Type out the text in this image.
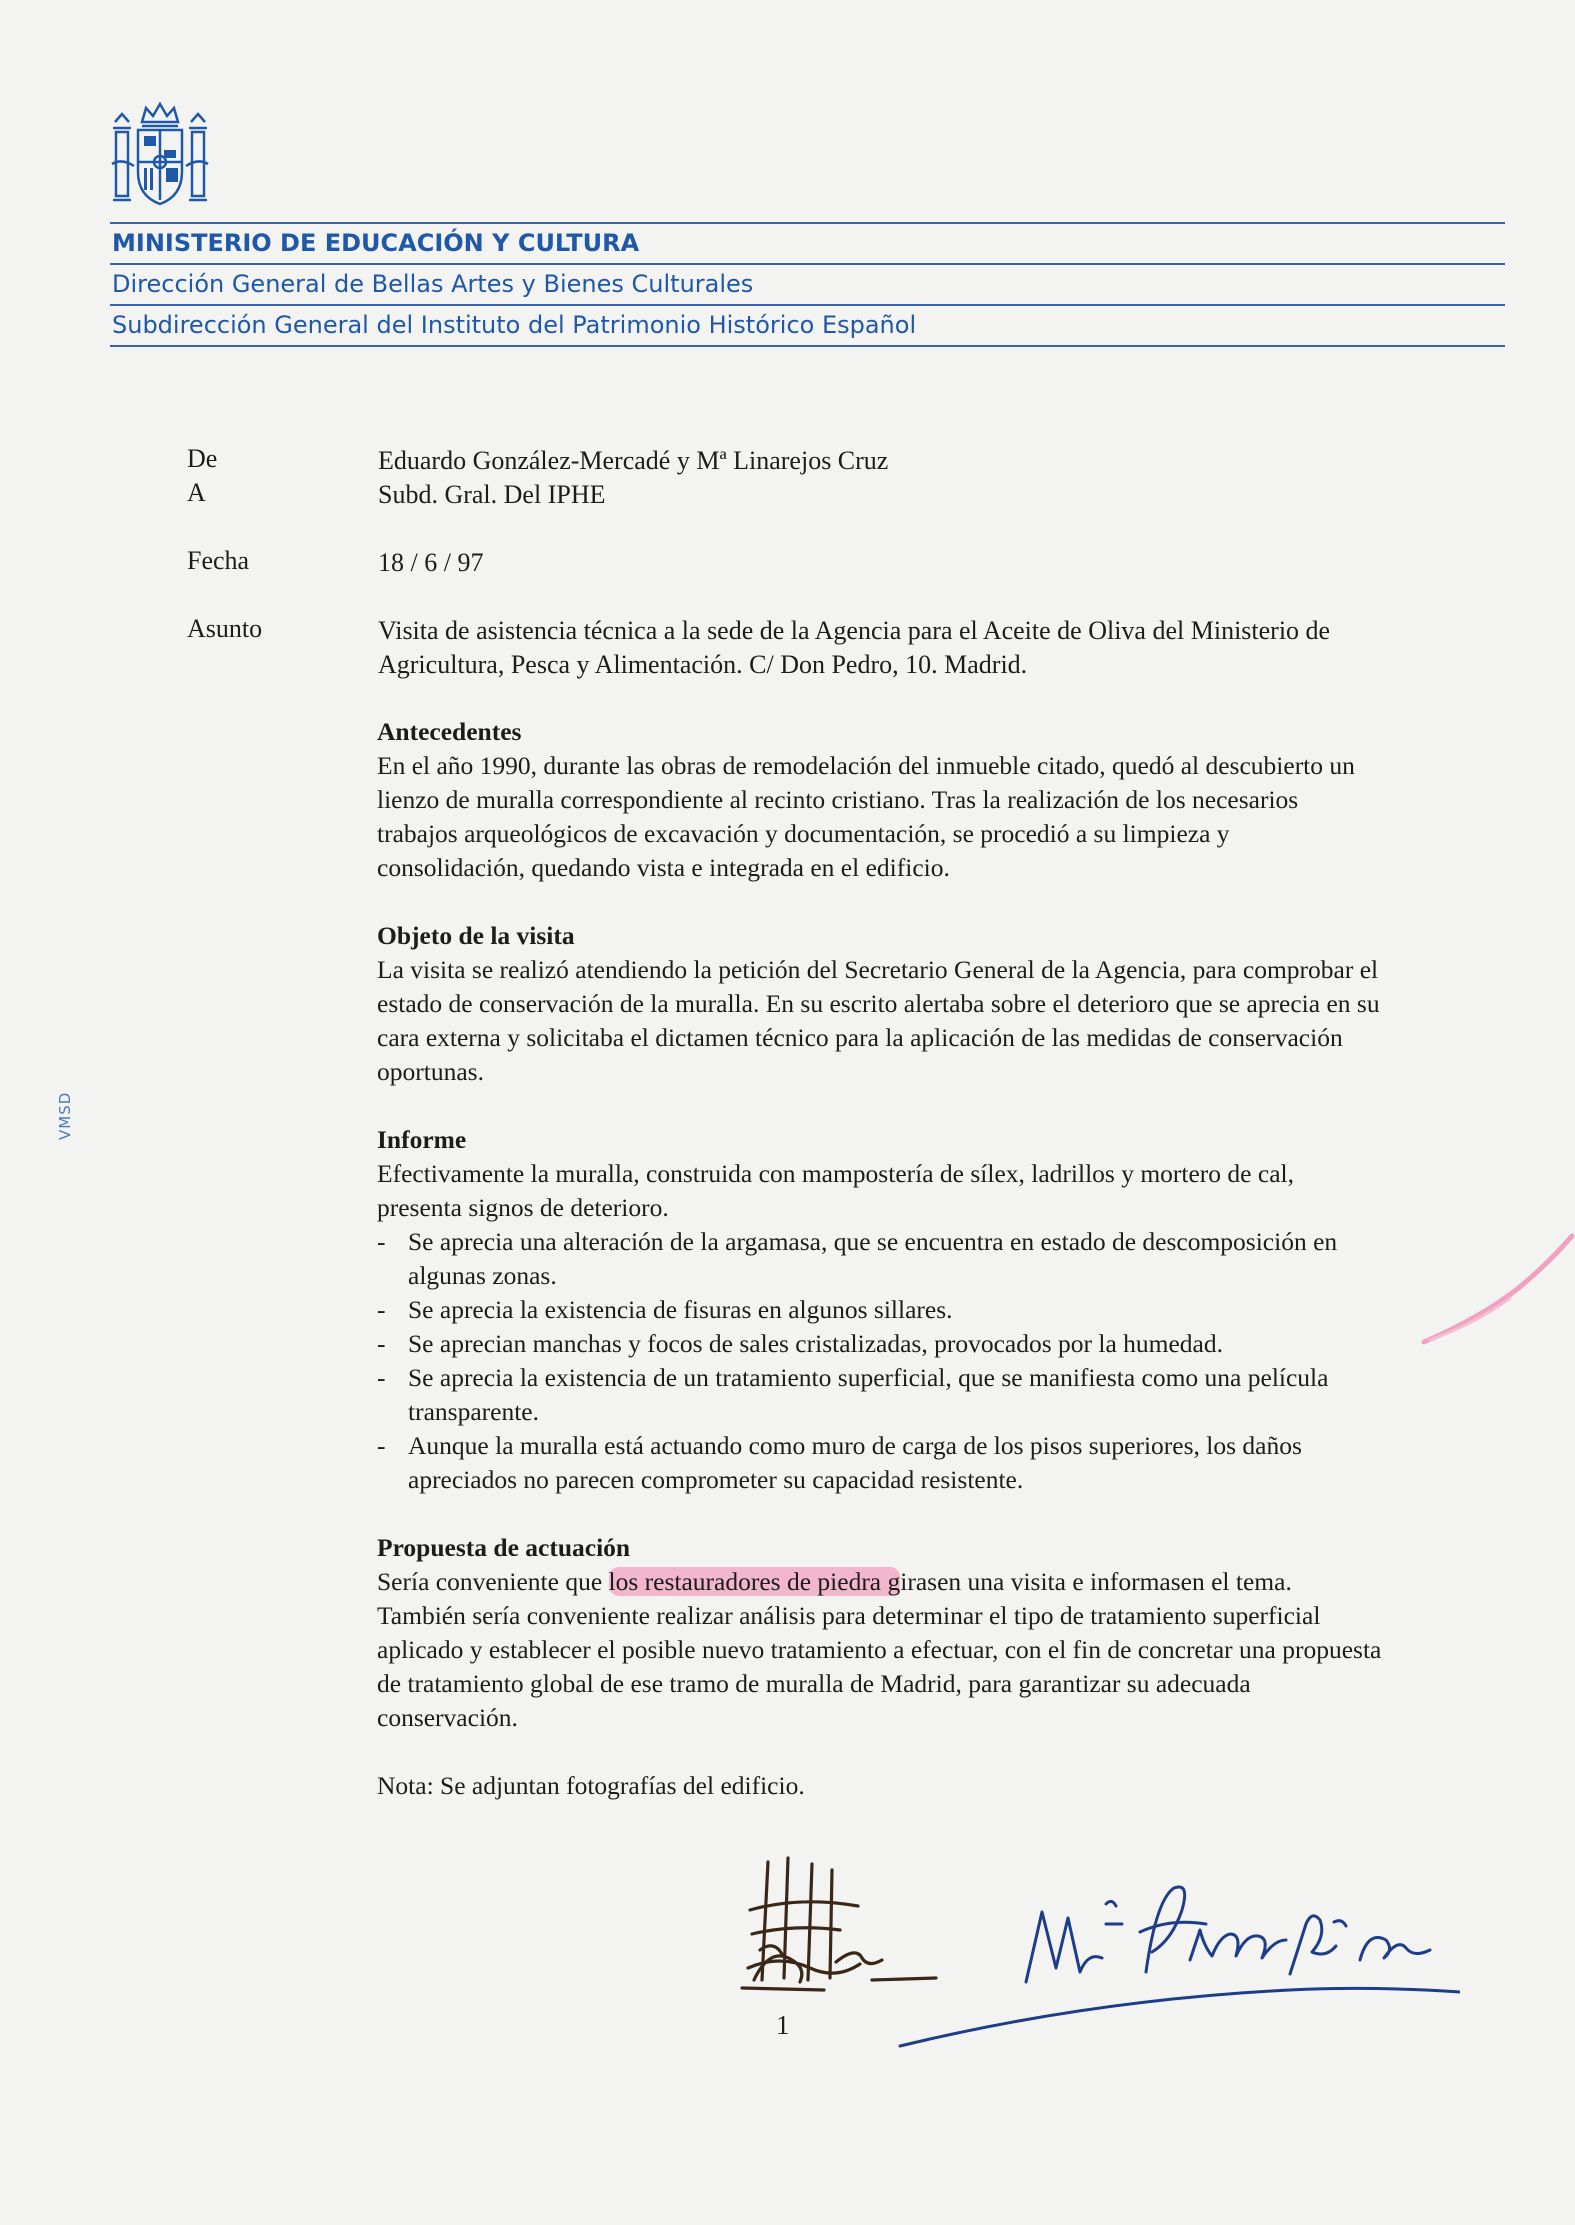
MINISTERIO DE EDUCACIÓN Y CULTURA
Dirección General de Bellas Artes y Bienes Culturales
Subdirección General del Instituto del Patrimonio Histórico Español
De	Eduardo González-Mercadé y Mª Linarejos Cruz
A	Subd. Gral. Del IPHE
Fecha	18 / 6 / 97
Asunto	Visita de asistencia técnica a la sede de la Agencia para el Aceite de Oliva del Ministerio de Agricultura, Pesca y Alimentación. C/ Don Pedro, 10. Madrid.
Antecedentes

En el año 1990, durante las obras de remodelación del inmueble citado, quedó al descubierto un lienzo de muralla correspondiente al recinto cristiano. Tras la realización de los necesarios trabajos arqueológicos de excavación y documentación, se procedió a su limpieza y consolidación, quedando vista e integrada en el edificio.

Objeto de la visita

La visita se realizó atendiendo la petición del Secretario General de la Agencia, para comprobar el estado de conservación de la muralla. En su escrito alertaba sobre el deterioro que se aprecia en su cara externa y solicitaba el dictamen técnico para la aplicación de las medidas de conservación oportunas.

Informe

Efectivamente la muralla, construida con mampostería de sílex, ladrillos y mortero de cal, presenta signos de deterioro.

- Se aprecia una alteración de la argamasa, que se encuentra en estado de descomposición en algunas zonas.
- Se aprecia la existencia de fisuras en algunos sillares.
- Se aprecian manchas y focos de sales cristalizadas, provocados por la humedad.
- Se aprecia la existencia de un tratamiento superficial, que se manifiesta como una película transparente.
- Aunque la muralla está actuando como muro de carga de los pisos superiores, los daños apreciados no parecen comprometer su capacidad resistente.
Propuesta de actuación

Sería conveniente que los restauradores de piedra girasen una visita e informasen el tema. También sería conveniente realizar análisis para determinar el tipo de tratamiento superficial aplicado y establecer el posible nuevo tratamiento a efectuar, con el fin de concretar una propuesta de tratamiento global de ese tramo de muralla de Madrid, para garantizar su adecuada conservación.

Nota: Se adjuntan fotografías del edificio.

VMSD
1
